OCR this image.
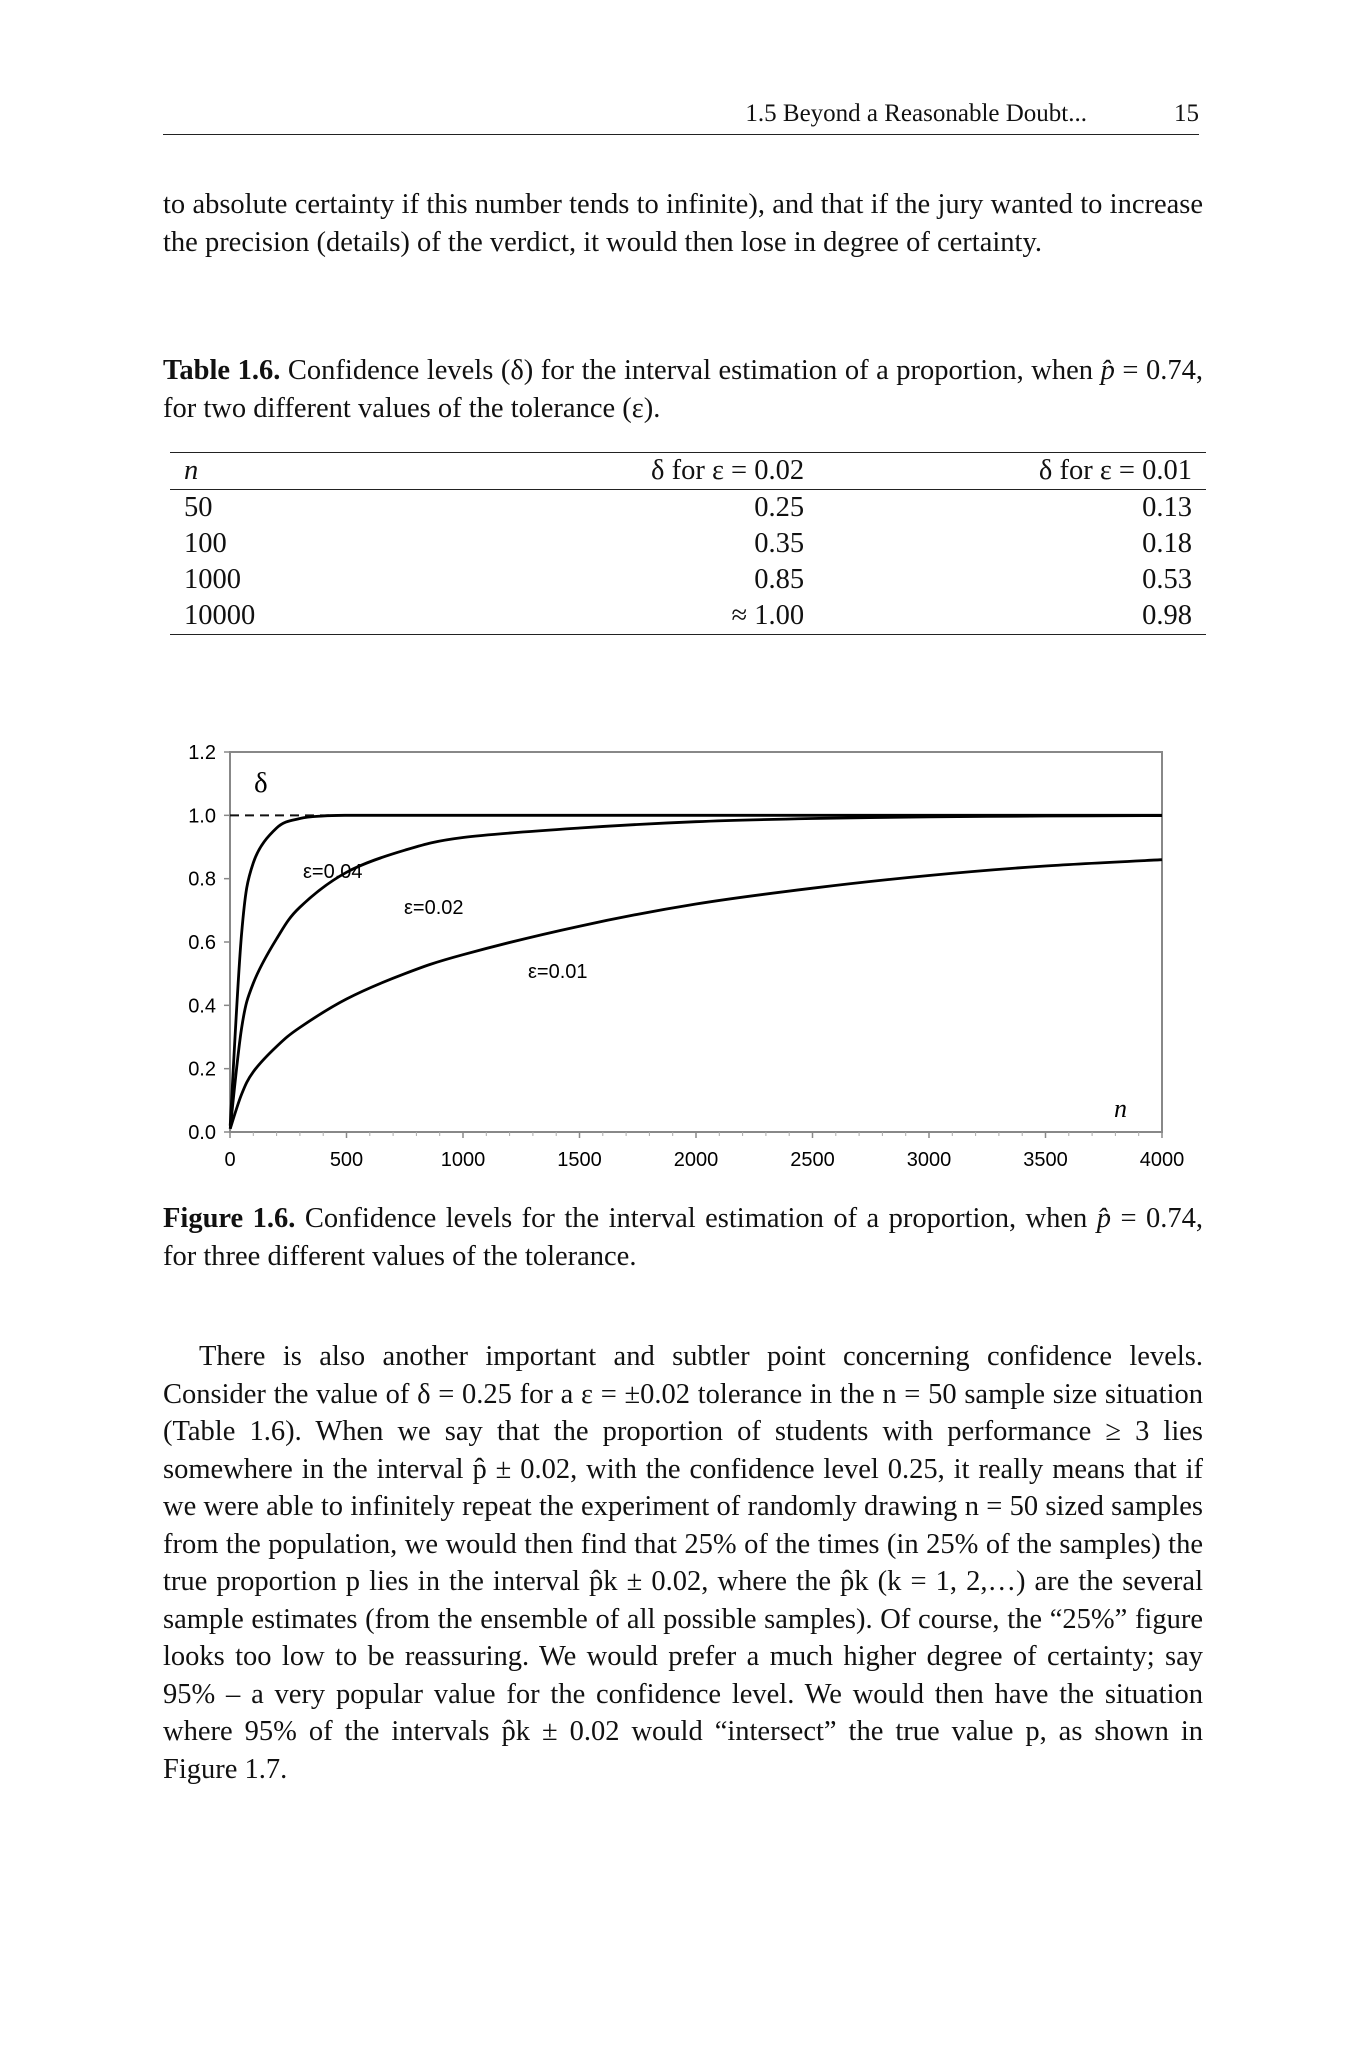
1.5 Beyond a Reasonable Doubt...	15

to absolute certainty if this number tends to infinite), and that if the jury wanted to increase the precision (details) of the verdict, it would then lose in degree of certainty.

Table 1.6. Confidence levels (δ) for the interval estimation of a proportion, when p̂ = 0.74, for two different values of the tolerance (ε).

n	δ for ε = 0.02	δ for ε = 0.01
50	0.25	0.13
100	0.35	0.18
1000	0.85	0.53
10000	≈ 1.00	0.98
0.0
0.2
0.4
0.6
0.8
1.0
1.2
0	500	1000	1500	2000	2500	3000	3500	4000
δ
n
ε=0.04
ε=0.02
ε=0.01

Figure 1.6. Confidence levels for the interval estimation of a proportion, when p̂ = 0.74, for three different values of the tolerance.

There is also another important and subtler point concerning confidence levels. Consider the value of δ = 0.25 for a ε = ±0.02 tolerance in the n = 50 sample size situation (Table 1.6). When we say that the proportion of students with performance ≥ 3 lies somewhere in the interval p̂ ± 0.02, with the confidence level 0.25, it really means that if we were able to infinitely repeat the experiment of randomly drawing n = 50 sized samples from the population, we would then find that 25% of the times (in 25% of the samples) the true proportion p lies in the interval p̂k ± 0.02, where the p̂k (k = 1, 2,…) are the several sample estimates (from the ensemble of all possible samples). Of course, the “25%” figure looks too low to be reassuring. We would prefer a much higher degree of certainty; say 95% – a very popular value for the confidence level. We would then have the situation where 95% of the intervals p̂k ± 0.02 would “intersect” the true value p, as shown in Figure 1.7.
